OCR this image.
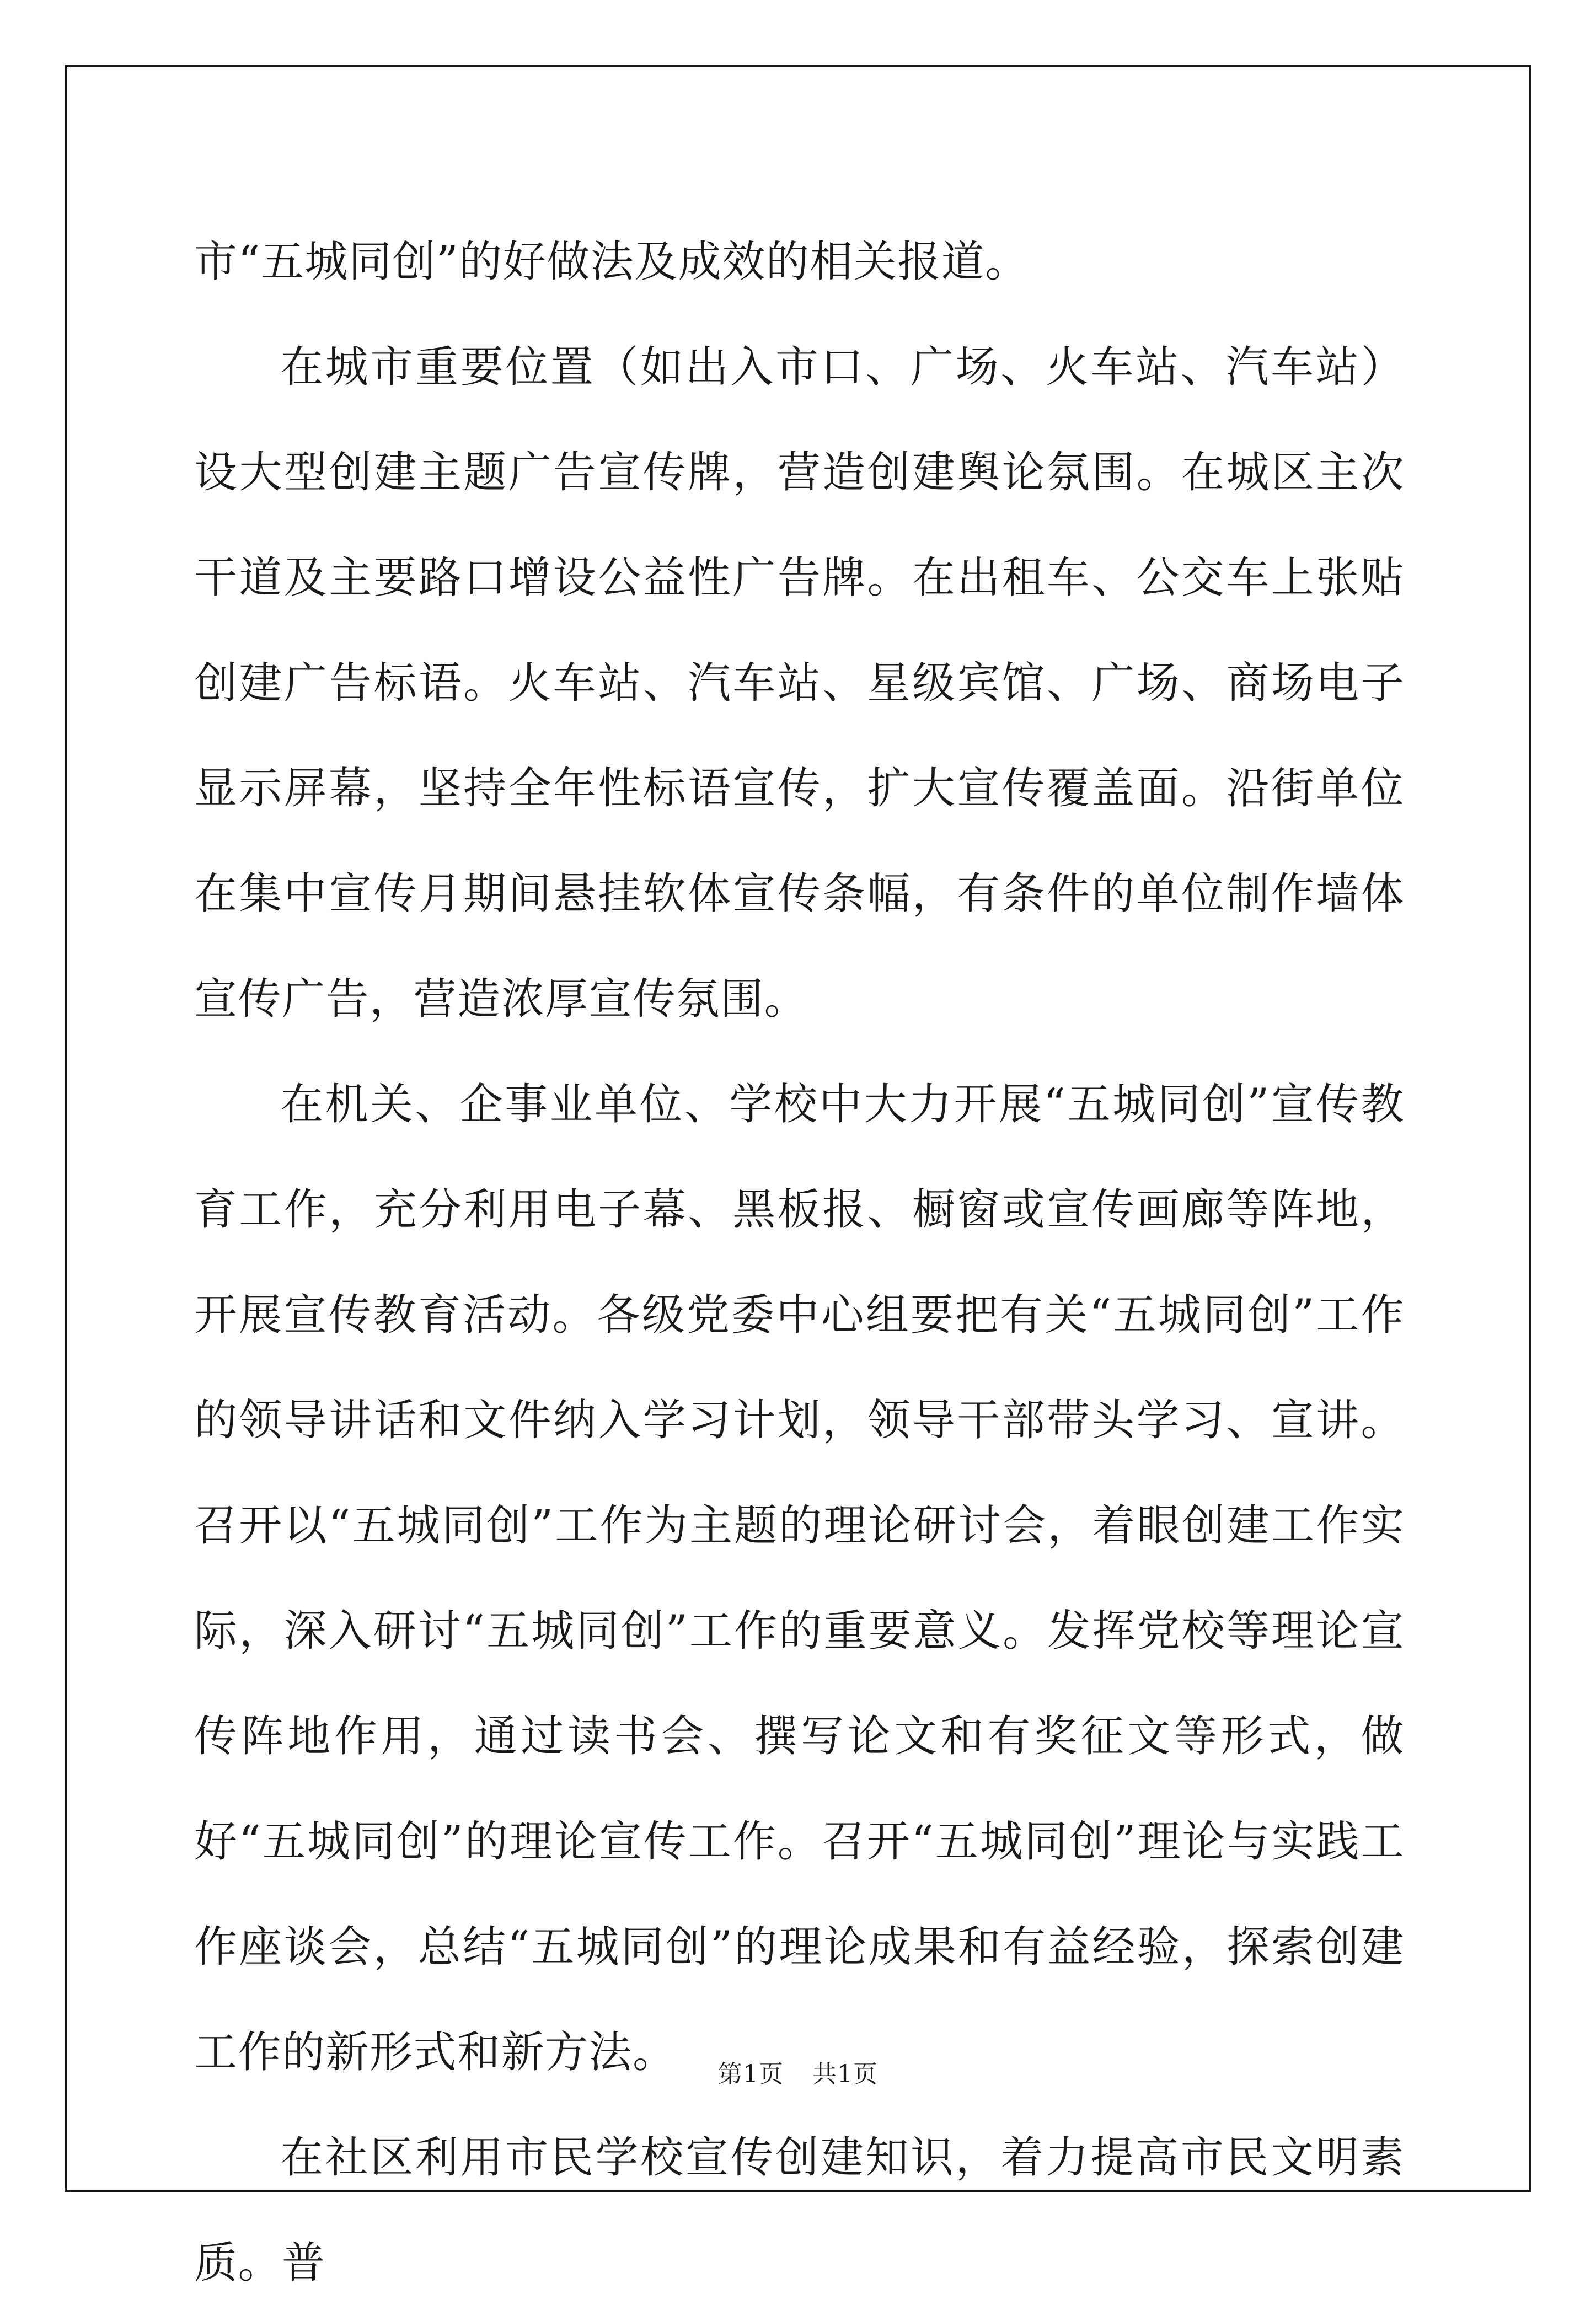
市“五城同创”的好做法及成效的相关报道。

在城市重要位置（如出入市口、广场、火车站、汽车站）设大型创建主题广告宣传牌，营造创建舆论氛围。在城区主次干道及主要路口增设公益性广告牌。在出租车、公交车上张贴创建广告标语。火车站、汽车站、星级宾馆、广场、商场电子显示屏幕，坚持全年性标语宣传，扩大宣传覆盖面。沿街单位在集中宣传月期间悬挂软体宣传条幅，有条件的单位制作墙体宣传广告，营造浓厚宣传氛围。

在机关、企事业单位、学校中大力开展“五城同创”宣传教育工作，充分利用电子幕、黑板报、橱窗或宣传画廊等阵地，开展宣传教育活动。各级党委中心组要把有关“五城同创”工作的领导讲话和文件纳入学习计划，领导干部带头学习、宣讲。召开以“五城同创”工作为主题的理论研讨会，着眼创建工作实际，深入研讨“五城同创”工作的重要意义。发挥党校等理论宣传阵地作用，通过读书会、撰写论文和有奖征文等形式，做好“五城同创”的理论宣传工作。召开“五城同创”理论与实践工作座谈会，总结“五城同创”的理论成果和有益经验，探索创建工作的新形式和新方法。

在社区利用市民学校宣传创建知识，着力提高市民文明素质。普

第1页 共1页
